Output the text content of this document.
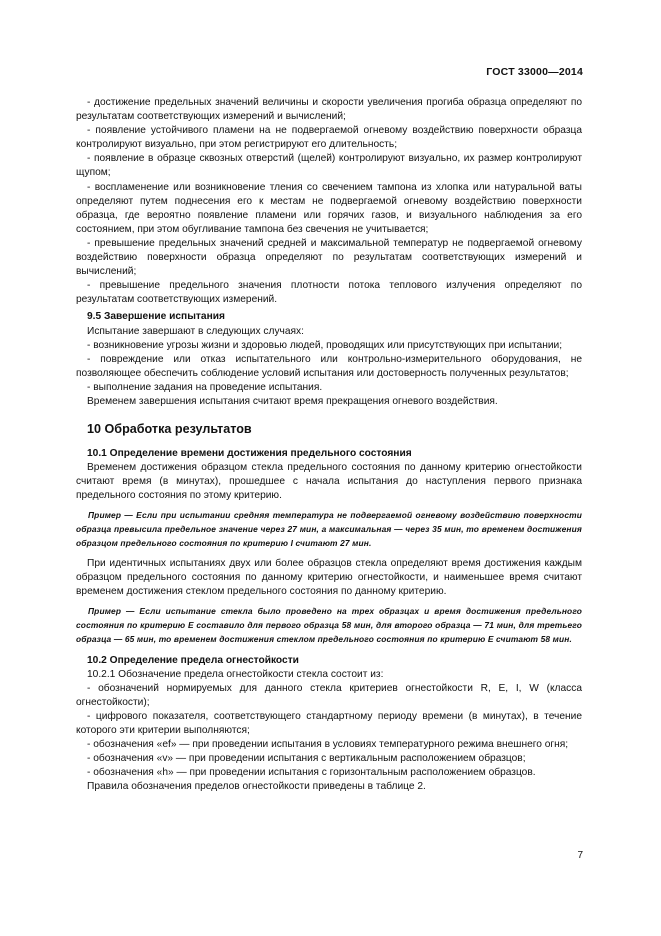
ГОСТ 33000—2014

- достижение предельных значений величины и скорости увеличения прогиба образца определяют по результатам соответствующих измерений и вычислений;

- появление устойчивого пламени на не подвергаемой огневому воздействию поверхности образца контролируют визуально, при этом регистрируют его длительность;

- появление в образце сквозных отверстий (щелей) контролируют визуально, их размер контролируют щупом;

- воспламенение или возникновение тления со свечением тампона из хлопка или натуральной ваты определяют путем поднесения его к местам не подвергаемой огневому воздействию поверхности образца, где вероятно появление пламени или горячих газов, и визуального наблюдения за его состоянием, при этом обугливание тампона без свечения не учитывается;

- превышение предельных значений средней и максимальной температур не подвергаемой огневому воздействию поверхности образца определяют по результатам соответствующих измерений и вычислений;

- превышение предельного значения плотности потока теплового излучения определяют по результатам соответствующих измерений.

9.5 Завершение испытания

Испытание завершают в следующих случаях:

- возникновение угрозы жизни и здоровью людей, проводящих или присутствующих при испытании;

- повреждение или отказ испытательного или контрольно-измерительного оборудования, не позволяющее обеспечить соблюдение условий испытания или достоверность полученных результатов;

- выполнение задания на проведение испытания.

Временем завершения испытания считают время прекращения огневого воздействия.

10 Обработка результатов
10.1 Определение времени достижения предельного состояния

Временем достижения образцом стекла предельного состояния по данному критерию огнестойкости считают время (в минутах), прошедшее с начала испытания до наступления первого признака предельного состояния по этому критерию.

Пример — Если при испытании средняя температура не подвергаемой огневому воздействию поверхности образца превысила предельное значение через 27 мин, а максимальная — через 35 мин, то временем достижения образцом предельного состояния по критерию I считают 27 мин.

При идентичных испытаниях двух или более образцов стекла определяют время достижения каждым образцом предельного состояния по данному критерию огнестойкости, и наименьшее время считают временем достижения стеклом предельного состояния по данному критерию.

Пример — Если испытание стекла было проведено на трех образцах и время достижения предельного состояния по критерию E составило для первого образца 58 мин, для второго образца — 71 мин, для третьего образца — 65 мин, то временем достижения стеклом предельного состояния по критерию E считают 58 мин.

10.2 Определение предела огнестойкости

10.2.1 Обозначение предела огнестойкости стекла состоит из:

- обозначений нормируемых для данного стекла критериев огнестойкости R, E, I, W (класса огнестойкости);

- цифрового показателя, соответствующего стандартному периоду времени (в минутах), в течение которого эти критерии выполняются;

- обозначения «ef» — при проведении испытания в условиях температурного режима внешнего огня;

- обозначения «v» — при проведении испытания с вертикальным расположением образцов;

- обозначения «h» — при проведении испытания с горизонтальным расположением образцов.

Правила обозначения пределов огнестойкости приведены в таблице 2.

7
